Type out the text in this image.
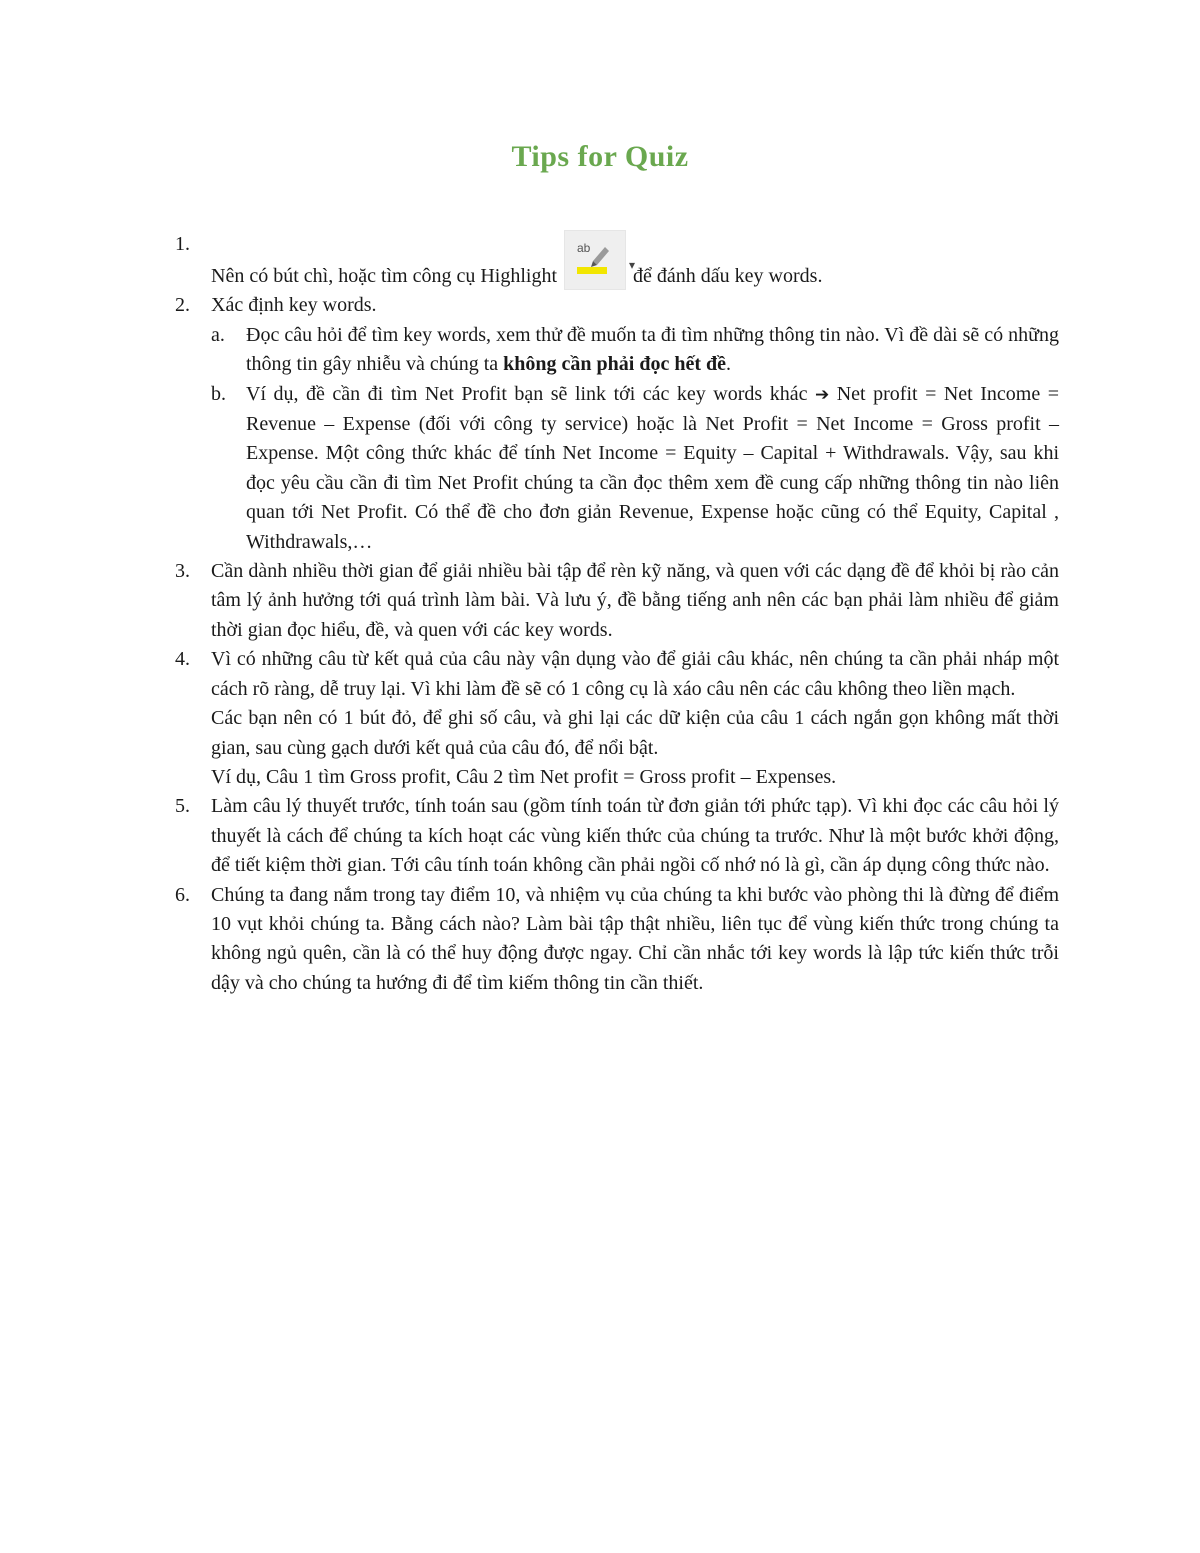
Tips for Quiz
1.
Nên có bút chì, hoặc tìm công cụ Highlight
ab
▾
để đánh dấu key words.
2. Xác định key words.
a. Đọc câu hỏi để tìm key words, xem thử đề muốn ta đi tìm những thông tin nào. Vì đề dài sẽ có những thông tin gây nhiễu và chúng ta không cần phải đọc hết đề.
b. Ví dụ, đề cần đi tìm Net Profit bạn sẽ link tới các key words khác ➔ Net profit = Net Income = Revenue – Expense (đối với công ty service) hoặc là Net Profit = Net Income = Gross profit – Expense. Một công thức khác để tính Net Income = Equity – Capital + Withdrawals. Vậy, sau khi đọc yêu cầu cần đi tìm Net Profit chúng ta cần đọc thêm xem đề cung cấp những thông tin nào liên quan tới Net Profit. Có thể đề cho đơn giản Revenue, Expense hoặc cũng có thể Equity, Capital , Withdrawals,…
3. Cần dành nhiều thời gian để giải nhiều bài tập để rèn kỹ năng, và quen với các dạng đề để khỏi bị rào cản tâm lý ảnh hưởng tới quá trình làm bài. Và lưu ý, đề bằng tiếng anh nên các bạn phải làm nhiều để giảm thời gian đọc hiểu, đề, và quen với các key words.
4. Vì có những câu từ kết quả của câu này vận dụng vào để giải câu khác, nên chúng ta cần phải nháp một cách rõ ràng, dễ truy lại. Vì khi làm đề sẽ có 1 công cụ là xáo câu nên các câu không theo liền mạch.
Các bạn nên có 1 bút đỏ, để ghi số câu, và ghi lại các dữ kiện của câu 1 cách ngắn gọn không mất thời gian, sau cùng gạch dưới kết quả của câu đó, để nổi bật.
Ví dụ, Câu 1 tìm Gross profit, Câu 2 tìm Net profit = Gross profit – Expenses.
5. Làm câu lý thuyết trước, tính toán sau (gồm tính toán từ đơn giản tới phức tạp). Vì khi đọc các câu hỏi lý thuyết là cách để chúng ta kích hoạt các vùng kiến thức của chúng ta trước. Như là một bước khởi động, để tiết kiệm thời gian. Tới câu tính toán không cần phải ngồi cố nhớ nó là gì, cần áp dụng công thức nào.
6. Chúng ta đang nắm trong tay điểm 10, và nhiệm vụ của chúng ta khi bước vào phòng thi là đừng để điểm 10 vụt khỏi chúng ta. Bằng cách nào? Làm bài tập thật nhiều, liên tục để vùng kiến thức trong chúng ta không ngủ quên, cần là có thể huy động được ngay. Chỉ cần nhắc tới key words là lập tức kiến thức trỗi dậy và cho chúng ta hướng đi để tìm kiếm thông tin cần thiết.
